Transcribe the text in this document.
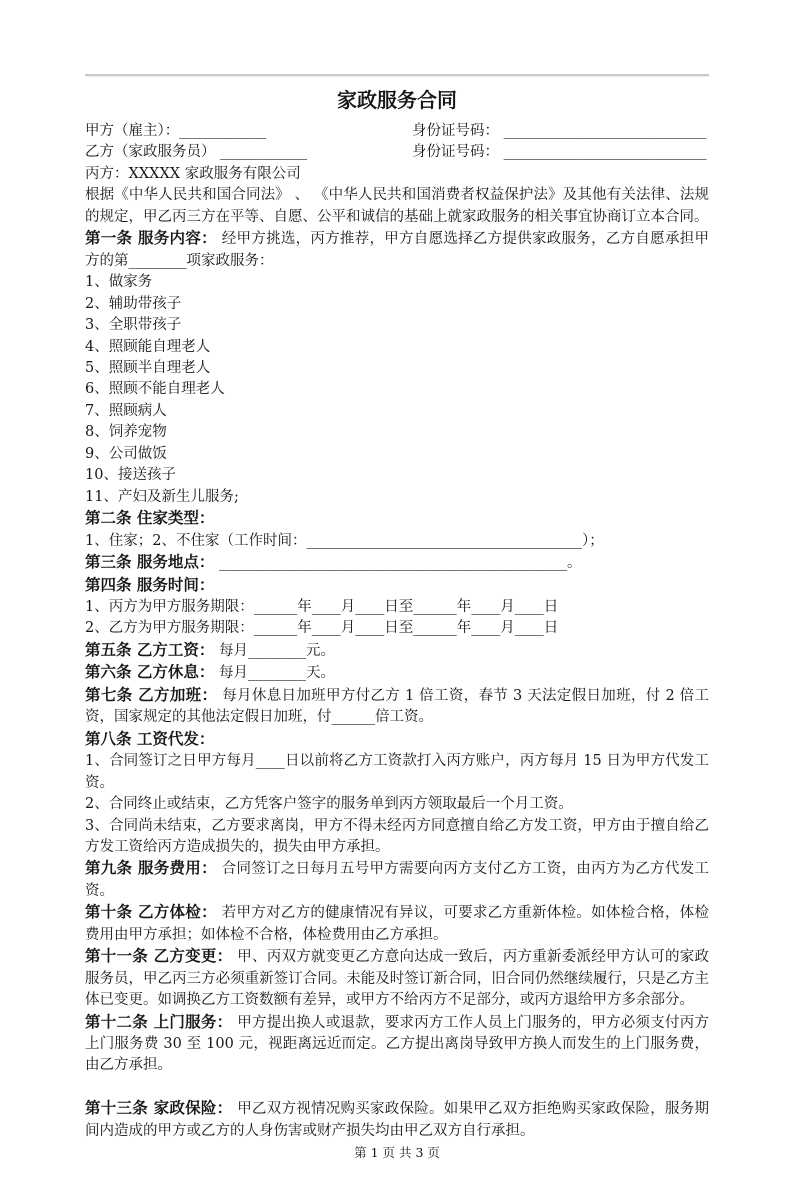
家政服务合同
甲方（雇主）：____________	身份证号码： ____________________________
乙方（家政服务员） ____________	身份证号码： ____________________________
丙方：XXXXX 家政服务有限公司

根据《中华人民共和国合同法》 、 《中华人民共和国消费者权益保护法》及其他有关法律、法规的规定，甲乙丙三方在平等、自愿、公平和诚信的基础上就家政服务的相关事宜协商订立本合同。

第一条 服务内容： 经甲方挑选，丙方推荐，甲方自愿选择乙方提供家政服务，乙方自愿承担甲方的第________项家政服务：

1、做家务
2、辅助带孩子
3、全职带孩子
4、照顾能自理老人
5、照顾半自理老人
6、照顾不能自理老人
7、照顾病人
8、饲养宠物
9、公司做饭
10、接送孩子
11、产妇及新生儿服务;
第二条 住家类型：
1、住家；2、不住家（工作时间：______________________________________）；
第三条 服务地点： ________________________________________________。
第四条 服务时间：
1、丙方为甲方服务期限：______年____月____日至______年____月____日
2、乙方为甲方服务期限：______年____月____日至______年____月____日
第五条 乙方工资： 每月________元。
第六条 乙方休息： 每月________天。

第七条 乙方加班： 每月休息日加班甲方付乙方 1 倍工资，春节 3 天法定假日加班，付 2 倍工资，国家规定的其他法定假日加班，付______倍工资。

第八条 工资代发：

1、合同签订之日甲方每月____日以前将乙方工资款打入丙方账户，丙方每月 15 日为甲方代发工资。

2、合同终止或结束，乙方凭客户签字的服务单到丙方领取最后一个月工资。

3、合同尚未结束，乙方要求离岗，甲方不得未经丙方同意擅自给乙方发工资，甲方由于擅自给乙方发工资给丙方造成损失的，损失由甲方承担。

第九条 服务费用： 合同签订之日每月五号甲方需要向丙方支付乙方工资，由丙方为乙方代发工资。

第十条 乙方体检： 若甲方对乙方的健康情况有异议，可要求乙方重新体检。如体检合格，体检费用由甲方承担；如体检不合格，体检费用由乙方承担。

第十一条 乙方变更： 甲、丙双方就变更乙方意向达成一致后，丙方重新委派经甲方认可的家政服务员，甲乙丙三方必须重新签订合同。未能及时签订新合同，旧合同仍然继续履行，只是乙方主体已变更。如调换乙方工资数额有差异，或甲方不给丙方不足部分，或丙方退给甲方多余部分。

第十二条 上门服务： 甲方提出换人或退款，要求丙方工作人员上门服务的，甲方必须支付丙方上门服务费 30 至 100 元，视距离远近而定。乙方提出离岗导致甲方换人而发生的上门服务费，由乙方承担。

第十三条 家政保险： 甲乙双方视情况购买家政保险。如果甲乙双方拒绝购买家政保险，服务期间内造成的甲方或乙方的人身伤害或财产损失均由甲乙双方自行承担。

第 1 页 共 3 页
